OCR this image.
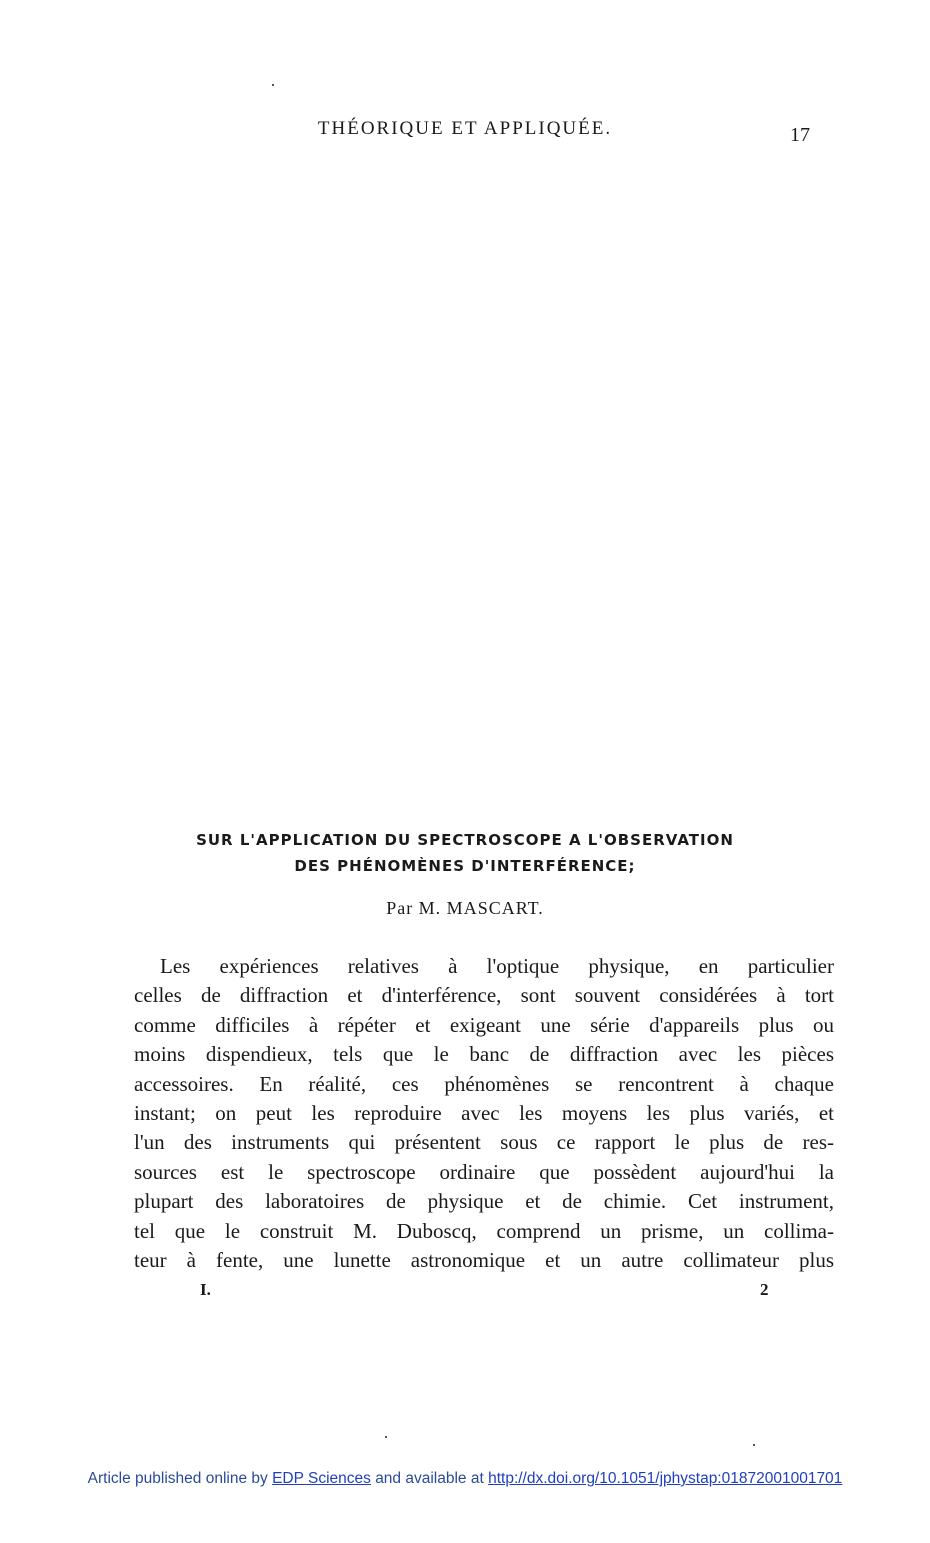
THÉORIQUE ET APPLIQUÉE.	17
SUR L'APPLICATION DU SPECTROSCOPE A L'OBSERVATION
DES PHÉNOMÈNES D'INTERFÉRENCE;
Par M. MASCART.
Les expériences relatives à l'optique physique, en particulier
celles de diffraction et d'interférence, sont souvent considérées à tort
comme difficiles à répéter et exigeant une série d'appareils plus ou
moins dispendieux, tels que le banc de diffraction avec les pièces
accessoires. En réalité, ces phénomènes se rencontrent à chaque
instant; on peut les reproduire avec les moyens les plus variés, et
l'un des instruments qui présentent sous ce rapport le plus de res-
sources est le spectroscope ordinaire que possèdent aujourd'hui la
plupart des laboratoires de physique et de chimie. Cet instrument,
tel que le construit M. Duboscq, comprend un prisme, un collima-
teur à fente, une lunette astronomique et un autre collimateur plus
I.	2
Article published online by EDP Sciences and available at http://dx.doi.org/10.1051/jphystap:01872001001701
